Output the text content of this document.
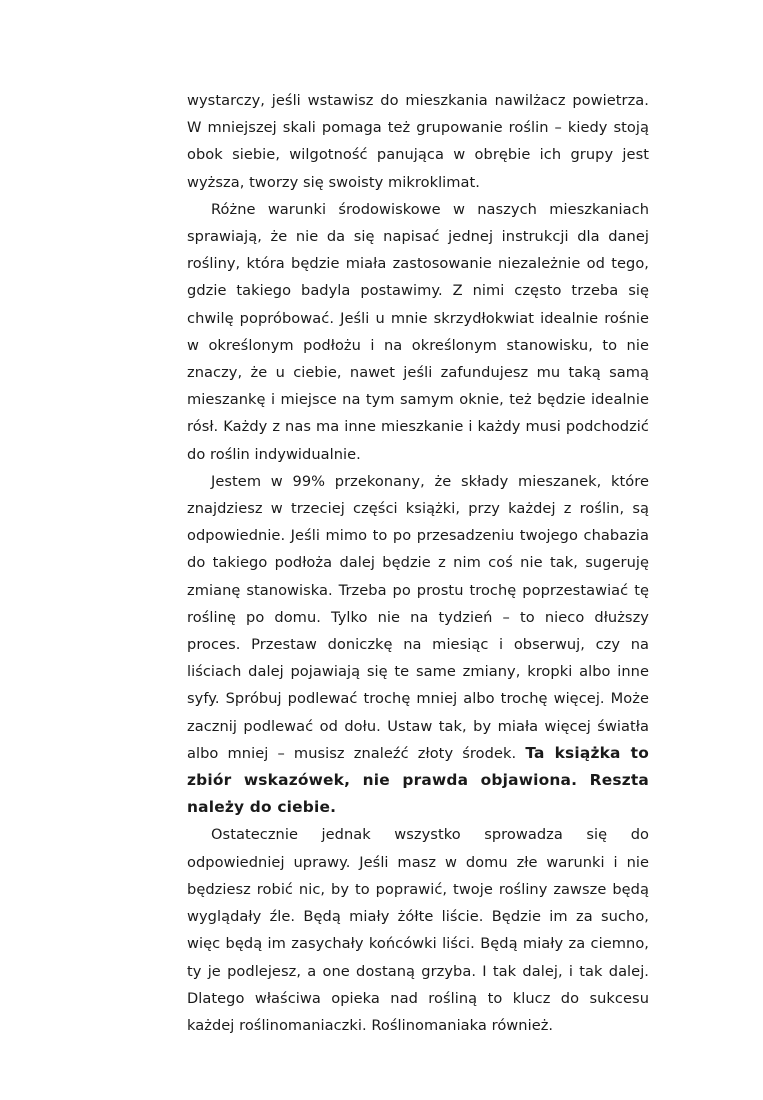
wystarczy, jeśli wstawisz do mieszkania nawilżacz powietrza. W mniejszej skali pomaga też grupowanie roślin – kiedy stoją obok siebie, wilgotność panująca w obrębie ich grupy jest wyższa, tworzy się swoisty mikroklimat.

Różne warunki środowiskowe w naszych mieszkaniach sprawiają, że nie da się napisać jednej instrukcji dla danej rośliny, która będzie miała zastosowanie niezależnie od tego, gdzie takiego badyla postawimy. Z nimi często trzeba się chwilę popróbować. Jeśli u mnie skrzydłokwiat idealnie rośnie w określonym podłożu i na określonym stanowisku, to nie znaczy, że u ciebie, nawet jeśli zafundujesz mu taką samą mieszankę i miejsce na tym samym oknie, też będzie idealnie rósł. Każdy z nas ma inne mieszkanie i każdy musi podchodzić do roślin indywidualnie.

Jestem w 99% przekonany, że składy mieszanek, które znajdziesz w trzeciej części książki, przy każdej z roślin, są odpowiednie. Jeśli mimo to po przesadzeniu twojego chabazia do takiego podłoża dalej będzie z nim coś nie tak, sugeruję zmianę stanowiska. Trzeba po prostu trochę poprzestawiać tę roślinę po domu. Tylko nie na tydzień – to nieco dłuższy proces. Przestaw doniczkę na miesiąc i obserwuj, czy na liściach dalej pojawiają się te same zmiany, kropki albo inne syfy. Spróbuj podlewać trochę mniej albo trochę więcej. Może zacznij podlewać od dołu. Ustaw tak, by miała więcej światła albo mniej – musisz znaleźć złoty środek. Ta książka to zbiór wskazówek, nie prawda objawiona. Reszta należy do ciebie.

Ostatecznie jednak wszystko sprowadza się do odpowiedniej uprawy. Jeśli masz w domu złe warunki i nie będziesz robić nic, by to poprawić, twoje rośliny zawsze będą wyglądały źle. Będą miały żółte liście. Będzie im za sucho, więc będą im zasychały końcówki liści. Będą miały za ciemno, ty je podlejesz, a one dostaną grzyba. I tak dalej, i tak dalej. Dlatego właściwa opieka nad rośliną to klucz do sukcesu każdej roślinomaniaczki. Roślinomaniaka również.
